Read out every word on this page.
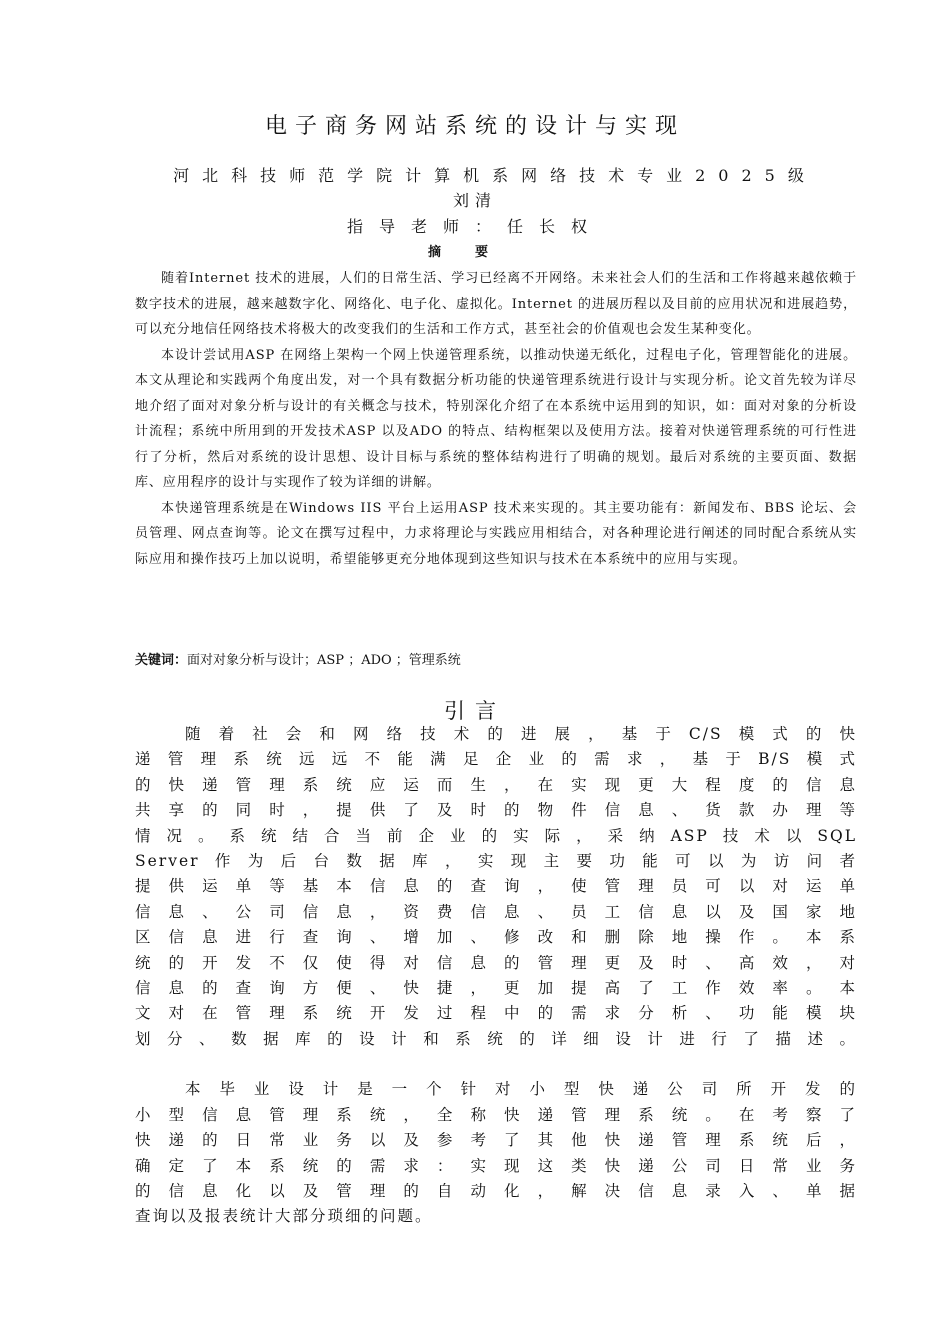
电子商务网站系统的设计与实现
河北科技师范学院计算机系网络技术专业2025级
刘清
指导老师：任长权
摘要

随着Internet 技术的进展，人们的日常生活、学习已经离不开网络。未来社会人们的生活和工作将越来越依赖于数字技术的进展，越来越数字化、网络化、电子化、虚拟化。Internet 的进展历程以及目前的应用状况和进展趋势，可以充分地信任网络技术将极大的改变我们的生活和工作方式，甚至社会的价值观也会发生某种变化。

本设计尝试用ASP 在网络上架构一个网上快递管理系统，以推动快递无纸化，过程电子化，管理智能化的进展。本文从理论和实践两个角度出发，对一个具有数据分析功能的快递管理系统进行设计与实现分析。论文首先较为详尽地介绍了面对对象分析与设计的有关概念与技术，特别深化介绍了在本系统中运用到的知识，如：面对对象的分析设计流程；系统中所用到的开发技术ASP 以及ADO 的特点、结构框架以及使用方法。接着对快递管理系统的可行性进行了分析，然后对系统的设计思想、设计目标与系统的整体结构进行了明确的规划。最后对系统的主要页面、数据库、应用程序的设计与实现作了较为详细的讲解。

本快递管理系统是在Windows IIS 平台上运用ASP 技术来实现的。其主要功能有：新闻发布、BBS 论坛、会员管理、网点查询等。论文在撰写过程中，力求将理论与实践应用相结合，对各种理论进行阐述的同时配合系统从实际应用和操作技巧上加以说明，希望能够更充分地体现到这些知识与技术在本系统中的应用与实现。

关键词：面对对象分析与设计；ASP ；ADO ；管理系统
引言
随着社会和网络技术的进展，基于C/S模式的快
递管理系统远远不能满足企业的需求，基于B/S模式
的快递管理系统应运而生，在实现更大程度的信息
共享的同时，提供了及时的物件信息、货款办理等
情况。系统结合当前企业的实际，采纳ASP技术以SQL
Server作为后台数据库，实现主要功能可以为访问者
提供运单等基本信息的查询，使管理员可以对运单
信息、公司信息，资费信息、员工信息以及国家地
区信息进行查询、增加、修改和删除地操作。本系
统的开发不仅使得对信息的管理更及时、高效，对
信息的查询方便、快捷，更加提高了工作效率。本
文对在管理系统开发过程中的需求分析、功能模块
划分、数据库的设计和系统的详细设计进行了描述。
本毕业设计是一个针对小型快递公司所开发的
小型信息管理系统，全称快递管理系统。在考察了
快递的日常业务以及参考了其他快递管理系统后，
确定了本系统的需求：实现这类快递公司日常业务
的信息化以及管理的自动化，解决信息录入、单据
查询以及报表统计大部分琐细的问题。
